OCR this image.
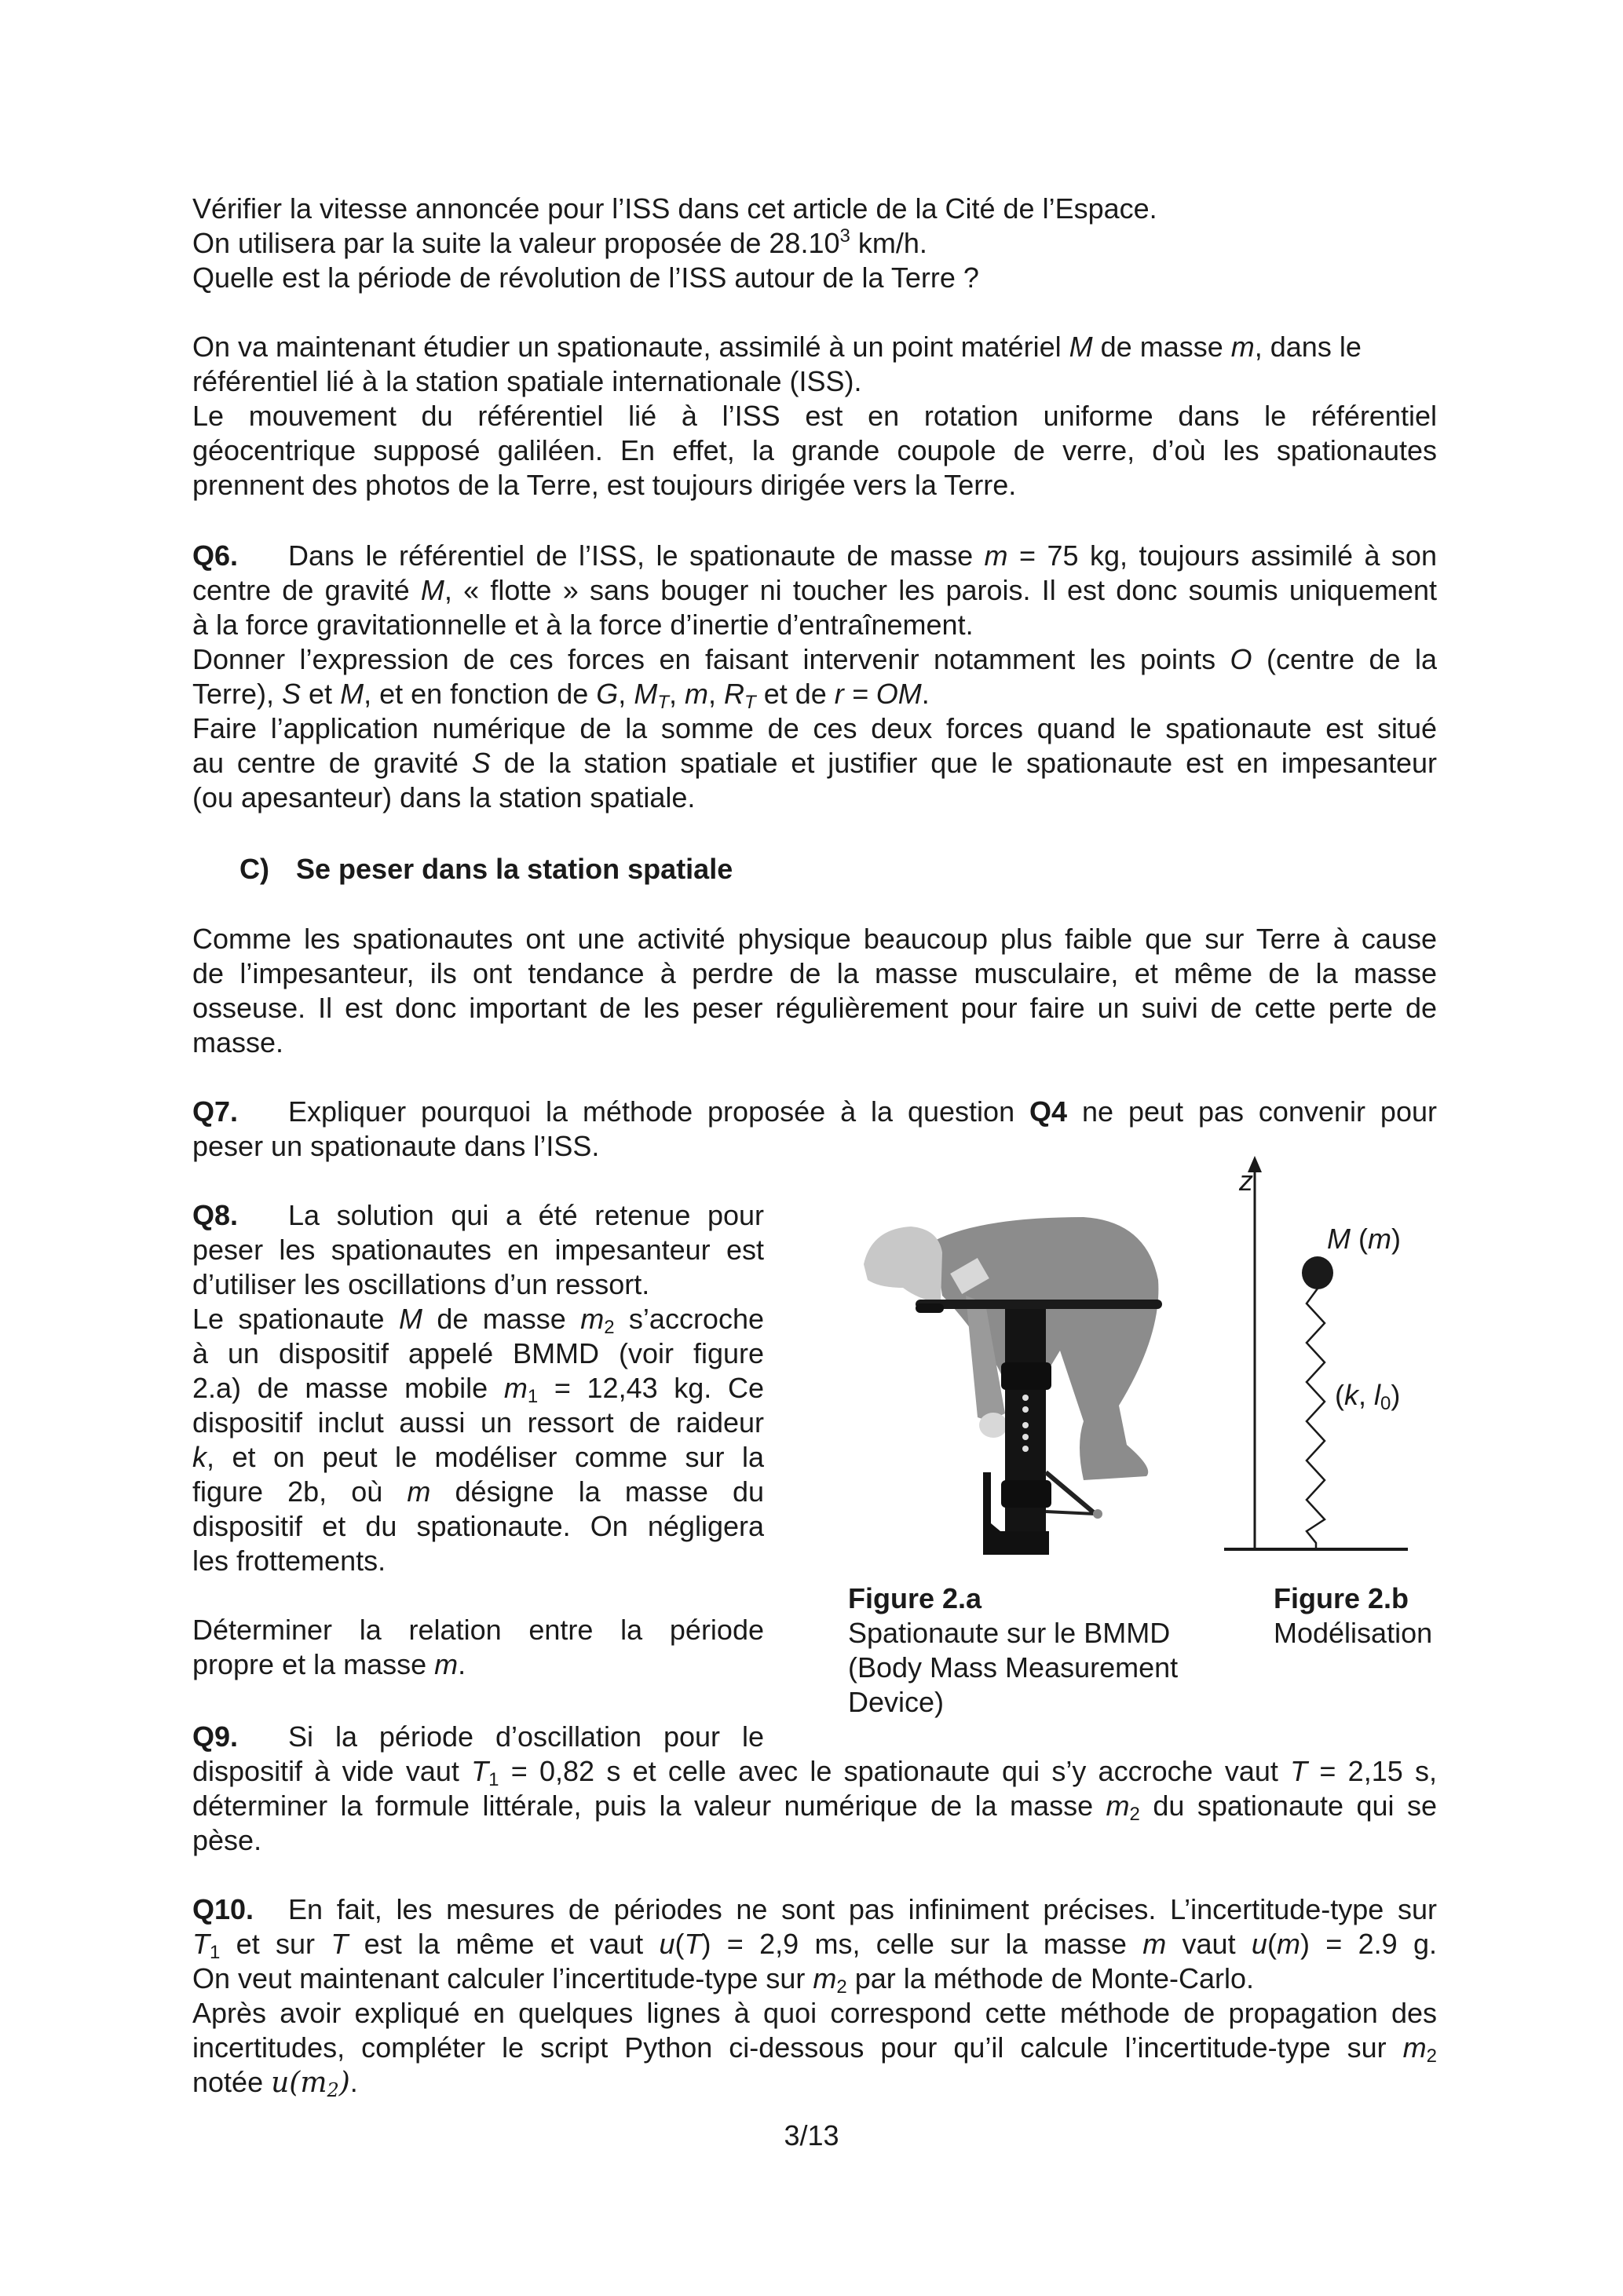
Vérifier la vitesse annoncée pour l’ISS dans cet article de la Cité de l’Espace.
On utilisera par la suite la valeur proposée de 28.10$^3$ km/h.
Quelle est la période de révolution de l’ISS autour de la Terre ?
On va maintenant étudier un spationaute, assimilé à un point matériel M de masse m, dans le
référentiel lié à la station spatiale internationale (ISS).
Le mouvement du référentiel lié à l’ISS est en rotation uniforme dans le référentiel
géocentrique supposé galiléen. En effet, la grande coupole de verre, d’où les spationautes
prennent des photos de la Terre, est toujours dirigée vers la Terre.
Q6. Dans le référentiel de l’ISS, le spationaute de masse m = 75 kg, toujours assimilé à son
centre de gravité M, « flotte » sans bouger ni toucher les parois. Il est donc soumis uniquement
à la force gravitationnelle et à la force d’inertie d’entraînement.
Donner l’expression de ces forces en faisant intervenir notamment les points O (centre de la
Terre), S et M, et en fonction de G, $M_T$, m, $R_T$ et de r = OM.
Faire l’application numérique de la somme de ces deux forces quand le spationaute est situé
au centre de gravité S de la station spatiale et justifier que le spationaute est en impesanteur
(ou apesanteur) dans la station spatiale.
C) Se peser dans la station spatiale
Comme les spationautes ont une activité physique beaucoup plus faible que sur Terre à cause
de l’impesanteur, ils ont tendance à perdre de la masse musculaire, et même de la masse
osseuse. Il est donc important de les peser régulièrement pour faire un suivi de cette perte de
masse.
Q7. Expliquer pourquoi la méthode proposée à la question Q4 ne peut pas convenir pour
peser un spationaute dans l’ISS.
Q8. La solution qui a été retenue pour
peser les spationautes en impesanteur est
d’utiliser les oscillations d’un ressort.
Le spationaute M de masse $m_2$ s’accroche
à un dispositif appelé BMMD (voir figure
2.a) de masse mobile $m_1 = 12,43$ kg. Ce
dispositif inclut aussi un ressort de raideur
k, et on peut le modéliser comme sur la
figure 2b, où m désigne la masse du
dispositif et du spationaute. On négligera
les frottements.

Déterminer la relation entre la période
propre et la masse m.
z
M (m)
(k, $l_0$)
Figure 2.a
Spationaute sur le BMMD
(Body Mass Measurement
Device)
Figure 2.b
Modélisation
Q9. Si la période d’oscillation pour le
dispositif à vide vaut $T_1 = 0,82$ s et celle avec le spationaute qui s’y accroche vaut T = 2,15 s,
déterminer la formule littérale, puis la valeur numérique de la masse $m_2$ du spationaute qui se
pèse.
Q10. En fait, les mesures de périodes ne sont pas infiniment précises. L’incertitude-type sur
$T_1$ et sur T est la même et vaut u(T) = 2,9 ms, celle sur la masse m vaut u(m) = 2.9 g.
On veut maintenant calculer l’incertitude-type sur $m_2$ par la méthode de Monte-Carlo.
Après avoir expliqué en quelques lignes à quoi correspond cette méthode de propagation des
incertitudes, compléter le script Python ci-dessous pour qu’il calcule l’incertitude-type sur $m_2$
notée $u(m_2)$.
3/13
